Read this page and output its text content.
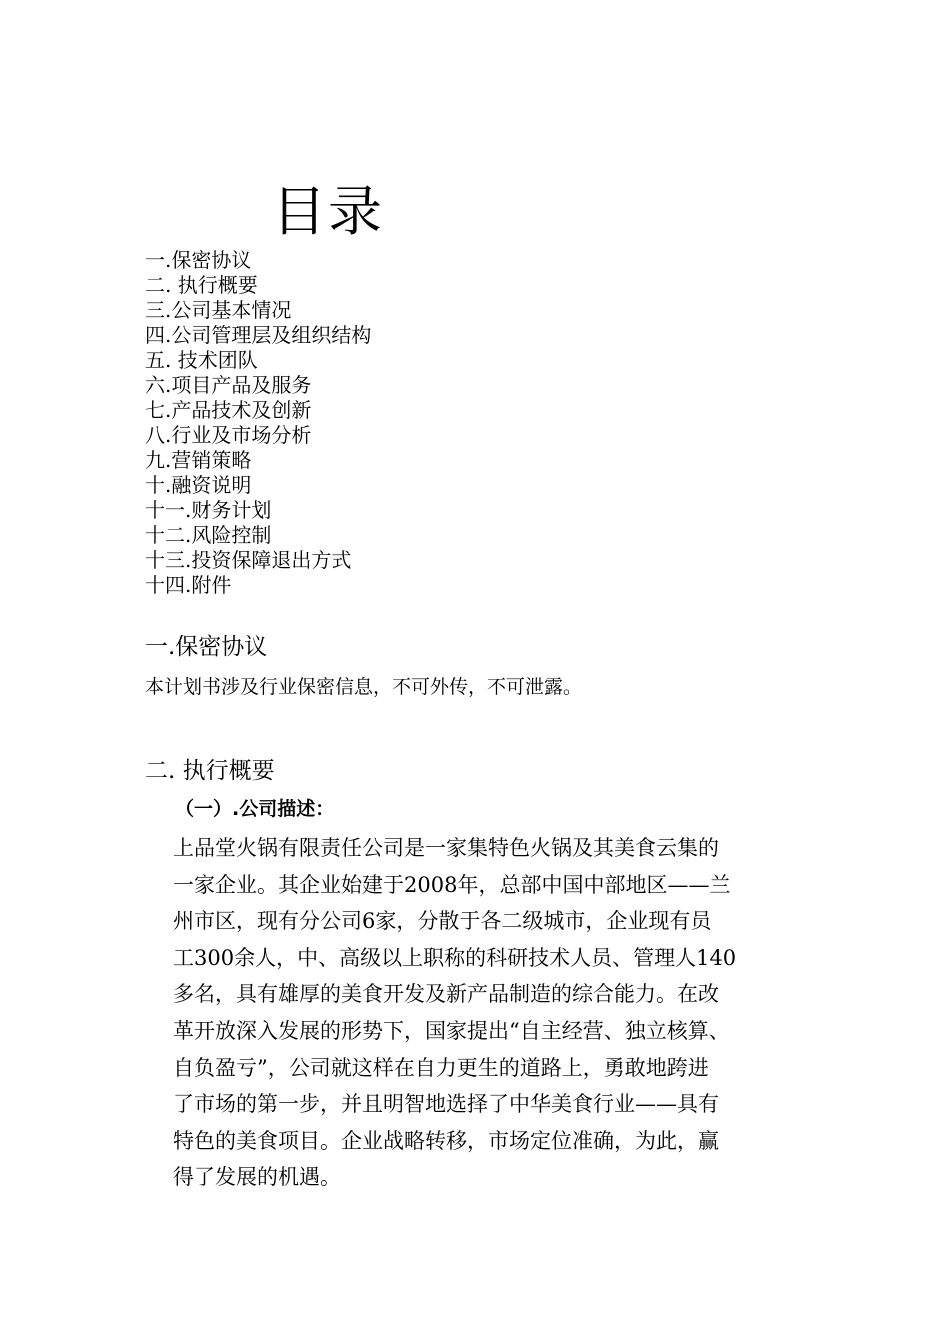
目录
一.保密协议
二. 执行概要
三.公司基本情况
四.公司管理层及组织结构
五. 技术团队
六.项目产品及服务
七.产品技术及创新
八.行业及市场分析
九.营销策略
十.融资说明
十一.财务计划
十二.风险控制
十三.投资保障退出方式
十四.附件
一.保密协议

本计划书涉及行业保密信息，不可外传，不可泄露。

二. 执行概要
（一）.公司描述：
上品堂火锅有限责任公司是一家集特色火锅及其美食云集的
一家企业。其企业始建于2008年，总部中国中部地区——兰
州市区，现有分公司6家，分散于各二级城市，企业现有员
工300余人，中、高级以上职称的科研技术人员、管理人140
多名，具有雄厚的美食开发及新产品制造的综合能力。在改
革开放深入发展的形势下，国家提出“自主经营、独立核算、
自负盈亏”，公司就这样在自力更生的道路上，勇敢地跨进
了市场的第一步，并且明智地选择了中华美食行业——具有
特色的美食项目。企业战略转移，市场定位准确，为此，赢
得了发展的机遇。
